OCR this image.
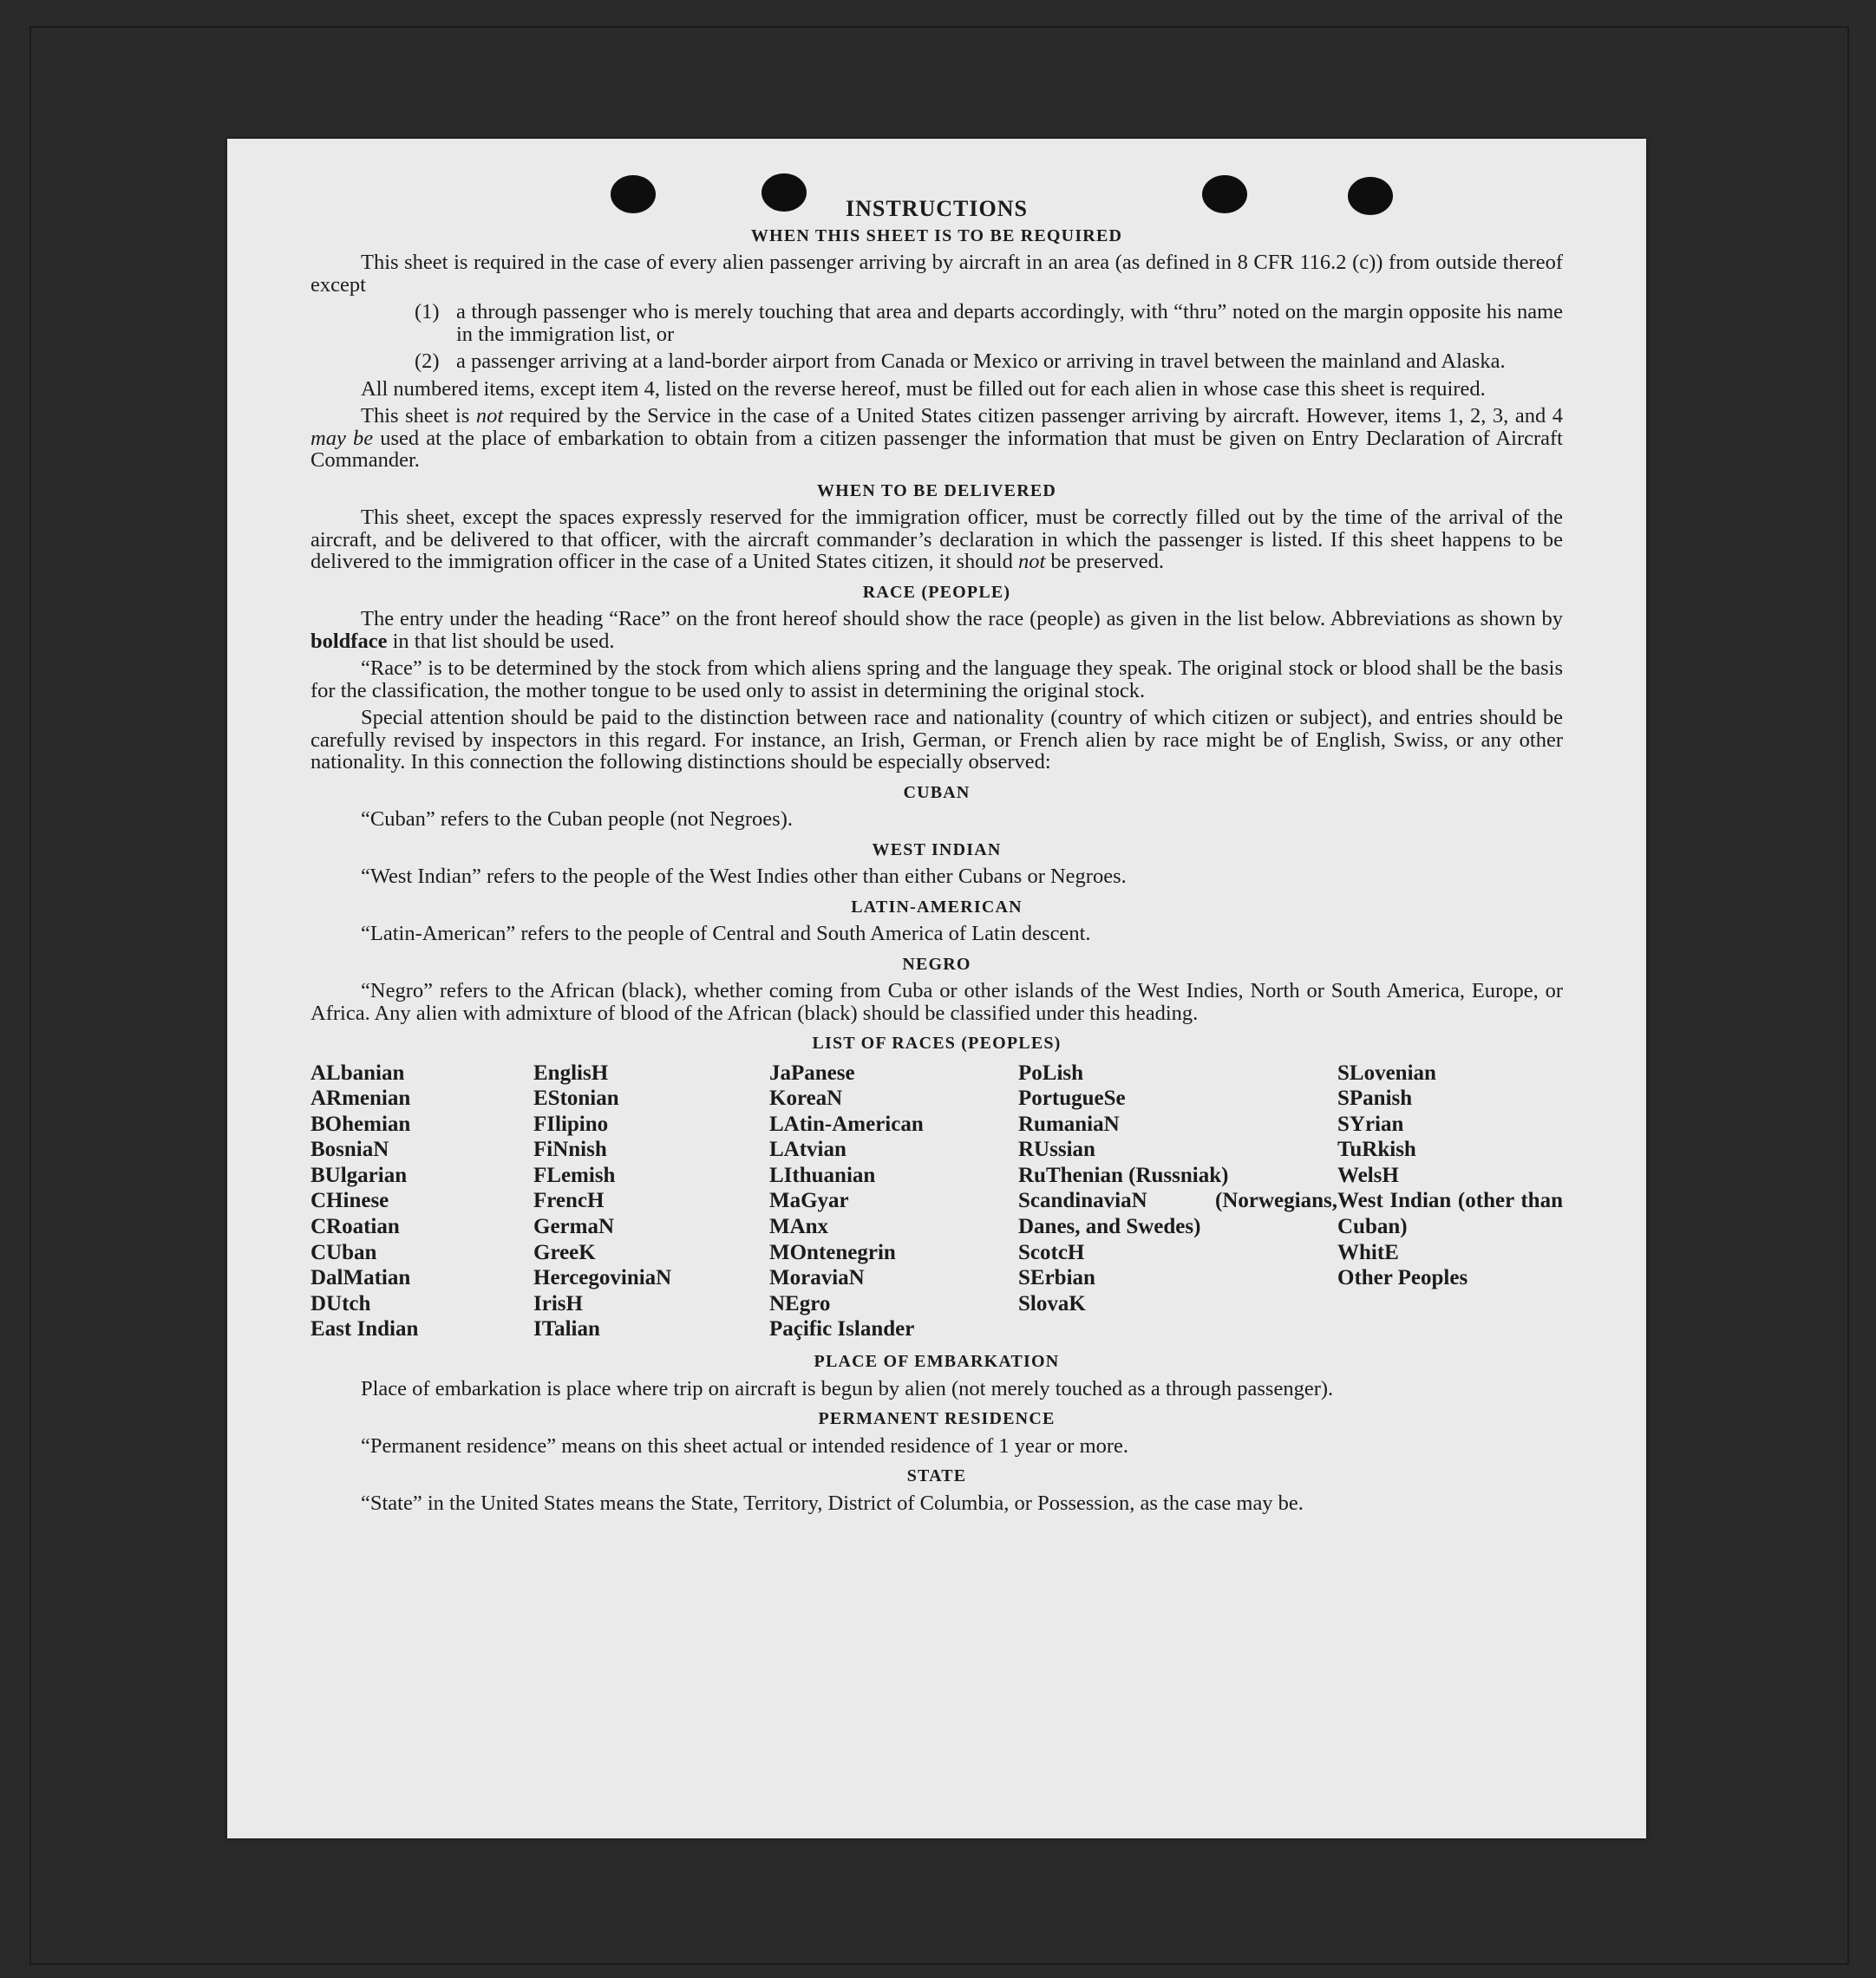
INSTRUCTIONS
WHEN THIS SHEET IS TO BE REQUIRED

This sheet is required in the case of every alien passenger arriving by aircraft in an area (as defined in 8 CFR 116.2 (c)) from outside thereof except

(1) a through passenger who is merely touching that area and departs accordingly, with “thru” noted on the margin opposite his name in the immigration list, or
(2) a passenger arriving at a land-border airport from Canada or Mexico or arriving in travel between the mainland and Alaska.

All numbered items, except item 4, listed on the reverse hereof, must be filled out for each alien in whose case this sheet is required.

This sheet is not required by the Service in the case of a United States citizen passenger arriving by aircraft. However, items 1, 2, 3, and 4 may be used at the place of embarkation to obtain from a citizen passenger the information that must be given on Entry Declaration of Aircraft Commander.

WHEN TO BE DELIVERED

This sheet, except the spaces expressly reserved for the immigration officer, must be correctly filled out by the time of the arrival of the aircraft, and be delivered to that officer, with the aircraft commander’s declaration in which the passenger is listed. If this sheet happens to be delivered to the immigration officer in the case of a United States citizen, it should not be preserved.

RACE (PEOPLE)

The entry under the heading “Race” on the front hereof should show the race (people) as given in the list below. Abbreviations as shown by boldface in that list should be used.

“Race” is to be determined by the stock from which aliens spring and the language they speak. The original stock or blood shall be the basis for the classification, the mother tongue to be used only to assist in determining the original stock.

Special attention should be paid to the distinction between race and nationality (country of which citizen or subject), and entries should be carefully revised by inspectors in this regard. For instance, an Irish, German, or French alien by race might be of English, Swiss, or any other nationality. In this connection the following distinctions should be especially observed:

CUBAN
“Cuban” refers to the Cuban people (not Negroes).
WEST INDIAN
“West Indian” refers to the people of the West Indies other than either Cubans or Negroes.
LATIN-AMERICAN
“Latin-American” refers to the people of Central and South America of Latin descent.
NEGRO

“Negro” refers to the African (black), whether coming from Cuba or other islands of the West Indies, North or South America, Europe, or Africa. Any alien with admixture of blood of the African (black) should be classified under this heading.

LIST OF RACES (PEOPLES)
ALbanian
ARmenian
BOhemian
BosniaN
BUlgarian
CHinese
CRoatian
CUban
DalMatian
DUtch
East Indian
EnglisH
EStonian
FIlipino
FiNnish
FLemish
FrencH
GermaN
GreeK
HercegoviniaN
IrisH
ITalian
JaPanese
KoreaN
LAtin-American
LAtvian
LIthuanian
MaGyar
MAnx
MOntenegrin
MoraviaN
NEgro
Paçific Islander
PoLish
PortugueSe
RumaniaN
RUssian
RuThenian (Russniak)
ScandinaviaN (Norwegians, Danes, and Swedes)
ScotcH
SErbian
SlovaK
SLovenian
SPanish
SYrian
TuRkish
WelsH
West Indian (other than Cuban)
WhitE
Other Peoples
PLACE OF EMBARKATION

Place of embarkation is place where trip on aircraft is begun by alien (not merely touched as a through passenger).

PERMANENT RESIDENCE
“Permanent residence” means on this sheet actual or intended residence of 1 year or more.
STATE

“State” in the United States means the State, Territory, District of Columbia, or Possession, as the case may be.
